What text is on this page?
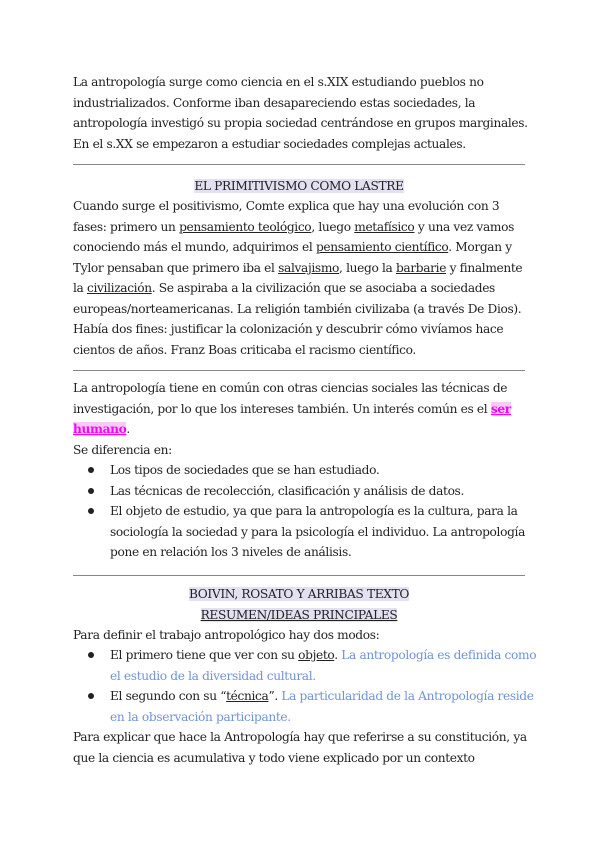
La antropología surge como ciencia en el s.XIX estudiando pueblos no
industrializados. Conforme iban desapareciendo estas sociedades, la
antropología investigó su propia sociedad centrándose en grupos marginales.
En el s.XX se empezaron a estudiar sociedades complejas actuales.

EL PRIMITIVISMO COMO LASTRE

Cuando surge el positivismo, Comte explica que hay una evolución con 3
fases: primero un pensamiento teológico, luego metafísico y una vez vamos
conociendo más el mundo, adquirimos el pensamiento científico. Morgan y
Tylor pensaban que primero iba el salvajismo, luego la barbarie y finalmente
la civilización. Se aspiraba a la civilización que se asociaba a sociedades
europeas/norteamericanas. La religión también civilizaba (a través De Dios).
Había dos fines: justificar la colonización y descubrir cómo vivíamos hace
cientos de años. Franz Boas criticaba el racismo científico.

La antropología tiene en común con otras ciencias sociales las técnicas de
investigación, por lo que los intereses también. Un interés común es el ser
humano.
Se diferencia en:

Los tipos de sociedades que se han estudiado.
Las técnicas de recolección, clasificación y análisis de datos.
El objeto de estudio, ya que para la antropología es la cultura, para la
sociología la sociedad y para la psicología el individuo. La antropología
pone en relación los 3 niveles de análisis.
BOIVIN, ROSATO Y ARRIBAS TEXTO
RESUMEN/IDEAS PRINCIPALES

Para definir el trabajo antropológico hay dos modos:

El primero tiene que ver con su objeto. La antropología es definida como
el estudio de la diversidad cultural.
El segundo con su “técnica”. La particularidad de la Antropología reside
en la observación participante.

Para explicar que hace la Antropología hay que referirse a su constitución, ya
que la ciencia es acumulativa y todo viene explicado por un contexto
